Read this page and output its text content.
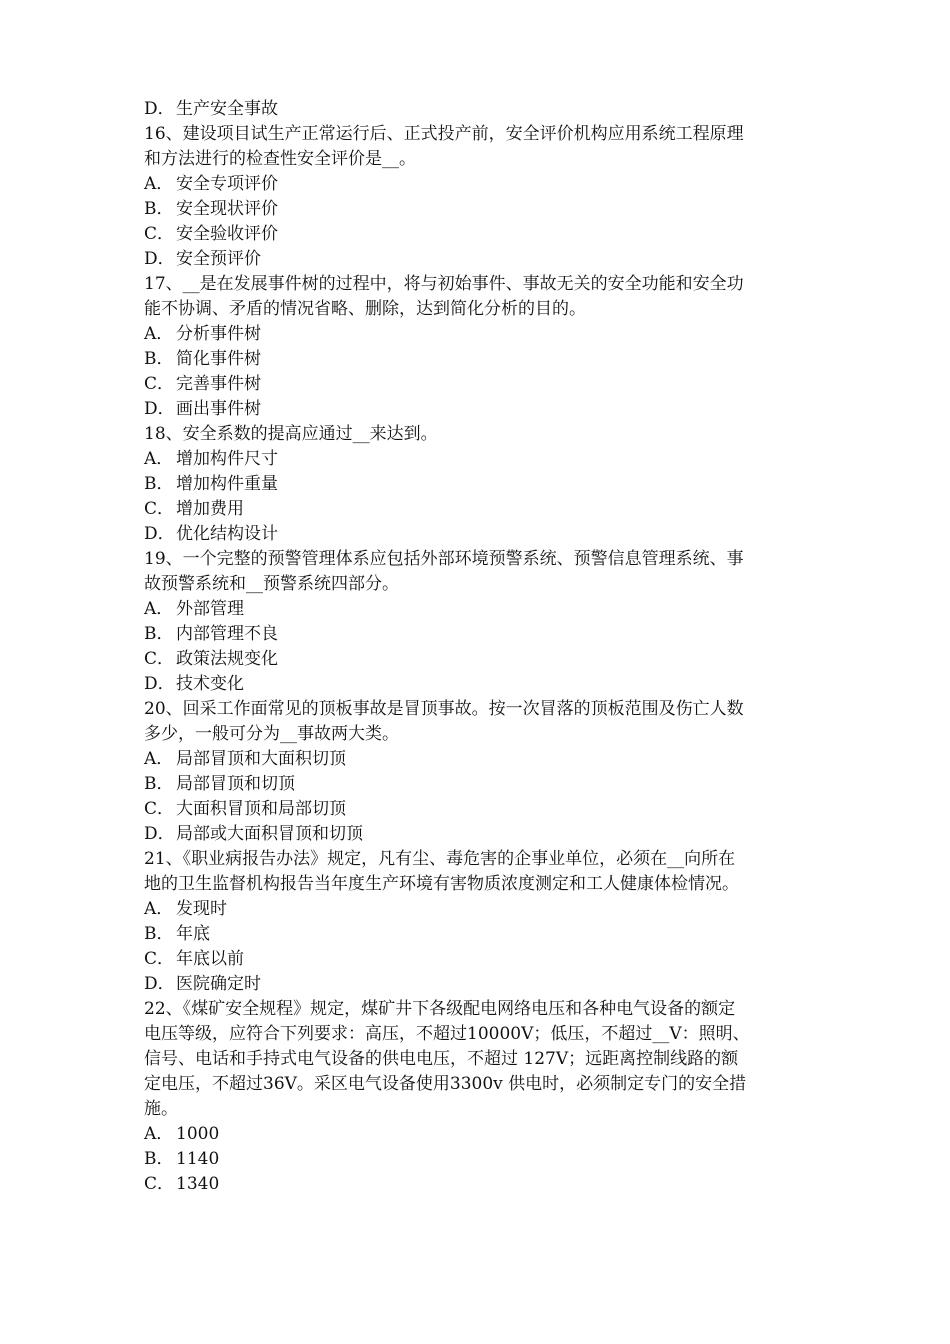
D． 生产安全事故
16、建设项目试生产正常运行后、正式投产前，安全评价机构应用系统工程原理
和方法进行的检查性安全评价是__。
A． 安全专项评价
B． 安全现状评价
C． 安全验收评价
D． 安全预评价
17、__是在发展事件树的过程中，将与初始事件、事故无关的安全功能和安全功
能不协调、矛盾的情况省略、删除，达到简化分析的目的。
A． 分析事件树
B． 简化事件树
C． 完善事件树
D． 画出事件树
18、安全系数的提高应通过__来达到。
A． 增加构件尺寸
B． 增加构件重量
C． 增加费用
D． 优化结构设计
19、一个完整的预警管理体系应包括外部环境预警系统、预警信息管理系统、事
故预警系统和__预警系统四部分。
A． 外部管理
B． 内部管理不良
C． 政策法规变化
D． 技术变化
20、回采工作面常见的顶板事故是冒顶事故。按一次冒落的顶板范围及伤亡人数
多少，一般可分为__事故两大类。
A． 局部冒顶和大面积切顶
B． 局部冒顶和切顶
C． 大面积冒顶和局部切顶
D． 局部或大面积冒顶和切顶
21、《职业病报告办法》规定，凡有尘、毒危害的企事业单位，必须在__向所在
地的卫生监督机构报告当年度生产环境有害物质浓度测定和工人健康体检情况。
A． 发现时
B． 年底
C． 年底以前
D． 医院确定时
22、《煤矿安全规程》规定，煤矿井下各级配电网络电压和各种电气设备的额定
电压等级，应符合下列要求：高压，不超过10000V；低压，不超过__V：照明、
信号、电话和手持式电气设备的供电电压，不超过 127V；远距离控制线路的额
定电压，不超过36V。采区电气设备使用3300v 供电时，必须制定专门的安全措
施。
A． 1000
B． 1140
C． 1340
